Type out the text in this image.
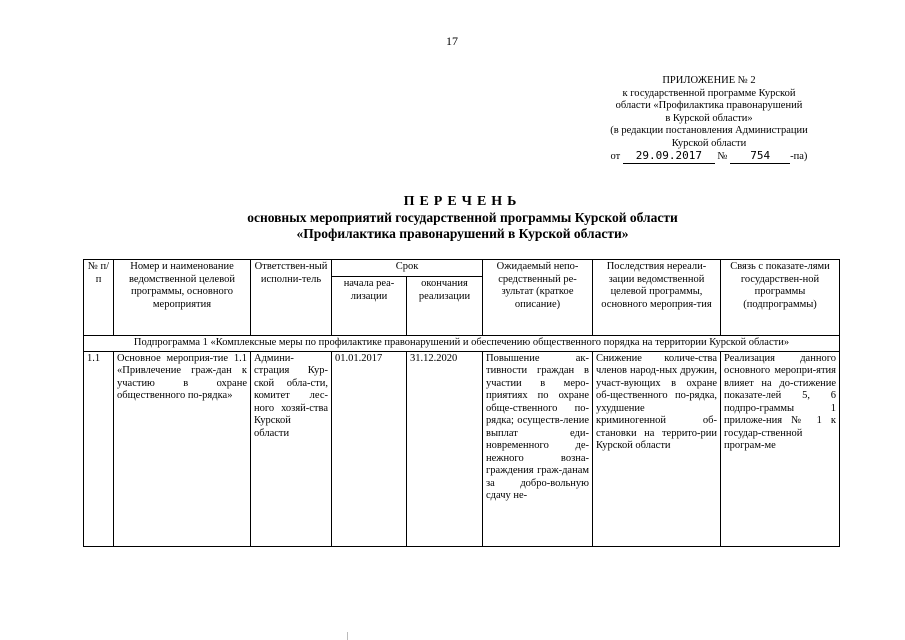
17
ПРИЛОЖЕНИЕ № 2
к государственной программе Курской
области «Профилактика правонарушений
в Курской области»
(в редакции постановления Администрации
Курской области
от 29.09.2017 № 754 -па)
ПЕРЕЧЕНЬ
основных мероприятий государственной программы Курской области
«Профилактика правонарушений в Курской области»
№ п/п	Номер и наименование ведомственной целевой программы, основного мероприятия	Ответствен-ный исполни-тель	Срок		Ожидаемый непо-средственный ре-зультат (краткое описание)	Последствия нереали-зации ведомственной целевой программы, основного мероприя-тия	Связь с показате-лями государствен-ной программы (подпрограммы)
			начала реа-лизации	окончания реализации			
Подпрограмма 1 «Комплексные меры по профилактике правонарушений и обеспечению общественного порядка на территории Курской области»							
1.1	Основное мероприя-тие 1.1 «Привлечение граж-дан к участию в охране общественного по-рядка»	Админи-страция Кур-ской обла-сти, комитет лес-ного хозяй-ства Курской области	01.01.2017	31.12.2020	Повышение ак-тивности граждан в участии в меро-приятиях по охране обще-ственного по-рядка; осуществ-ление выплат еди-новременного де-нежного возна-граждения граж-данам за добро-вольную сдачу не-	Снижение количе-ства членов народ-ных дружин, участ-вующих в охране об-щественного по-рядка, ухудшение криминогенной об-становки на террито-рии Курской области	Реализация данного основного меропри-ятия влияет на до-стижение показате-лей 5, 6 подпро-граммы 1 приложе-ния № 1 к государ-ственной програм-ме
